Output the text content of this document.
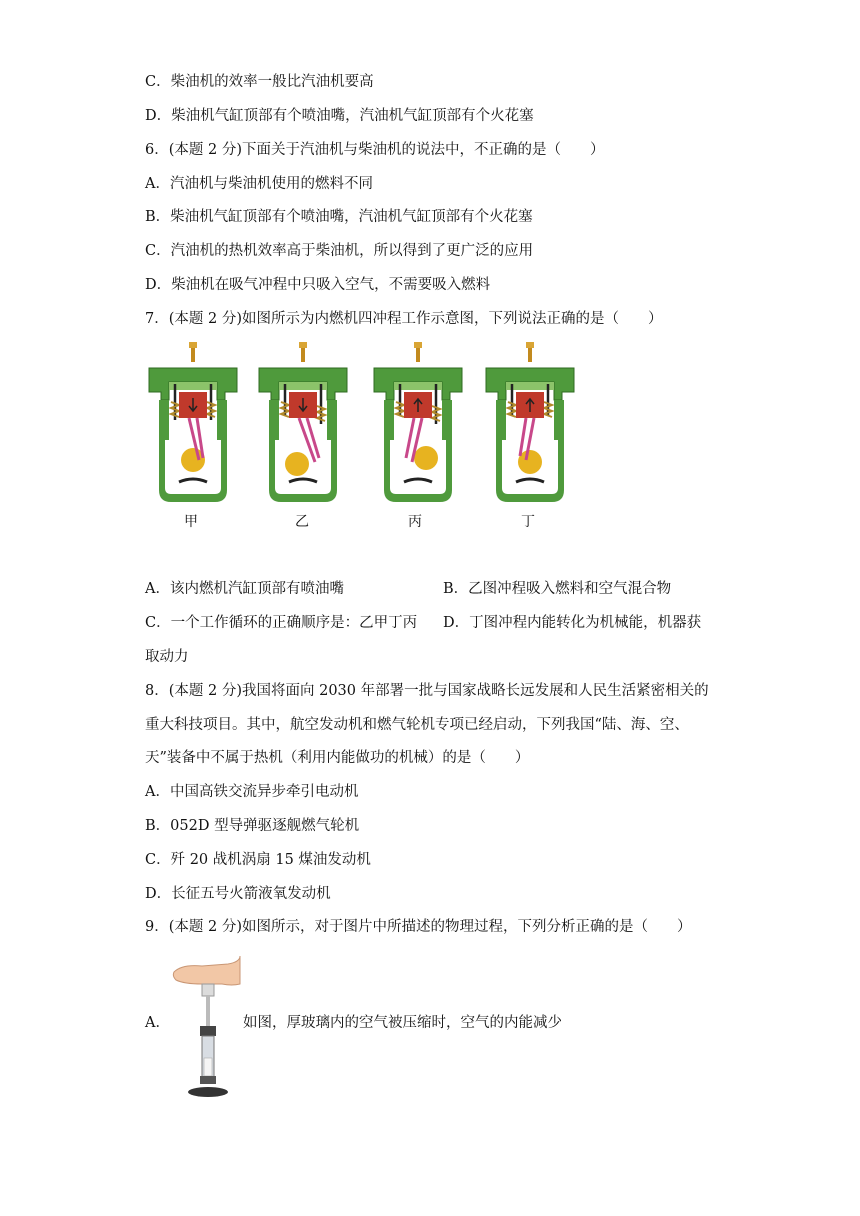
C．柴油机的效率一般比汽油机要高
D．柴油机气缸顶部有个喷油嘴，汽油机气缸顶部有个火花塞
6．(本题 2 分)下面关于汽油机与柴油机的说法中，不正确的是（　　）
A．汽油机与柴油机使用的燃料不同
B．柴油机气缸顶部有个喷油嘴，汽油机气缸顶部有个火花塞
C．汽油机的热机效率高于柴油机，所以得到了更广泛的应用
D．柴油机在吸气冲程中只吸入空气，不需要吸入燃料
7．(本题 2 分)如图所示为内燃机四冲程工作示意图，下列说法正确的是（　　）
甲	乙	丙	丁
A．该内燃机汽缸顶部有喷油嘴	B．乙图冲程吸入燃料和空气混合物
C．一个工作循环的正确顺序是：乙甲丁丙 D．丁图冲程内能转化为机械能，机器获
取动力
8．(本题 2 分)我国将面向 2030 年部署一批与国家战略长远发展和人民生活紧密相关的
重大科技项目。其中，航空发动机和燃气轮机专项已经启动，下列我国“陆、海、空、
天”装备中不属于热机（利用内能做功的机械）的是（　　）
A．中国高铁交流异步牵引电动机
B．052D 型导弹驱逐舰燃气轮机
C．歼 20 战机涡扇 15 煤油发动机
D．长征五号火箭液氧发动机
9．(本题 2 分)如图所示，对于图片中所描述的物理过程，下列分析正确的是（　　）
A．	如图，厚玻璃内的空气被压缩时，空气的内能减少
